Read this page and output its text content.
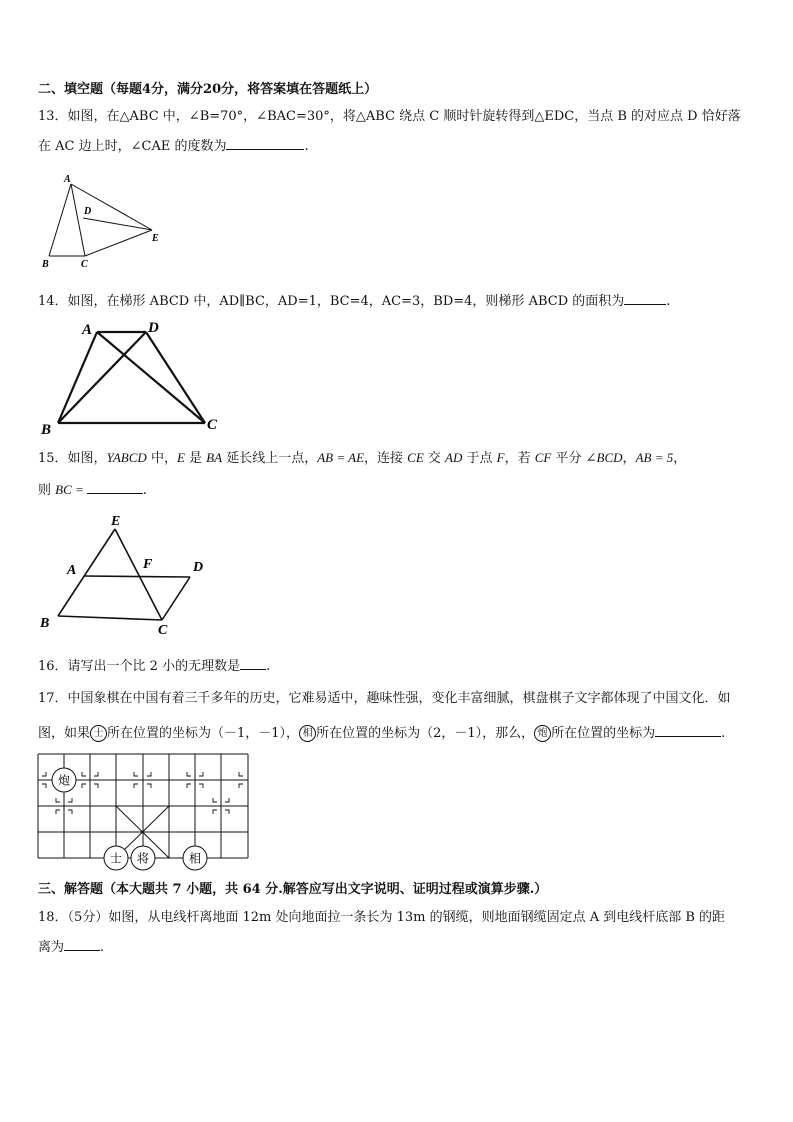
二、填空题（每题4分，满分20分，将答案填在答题纸上）
13．如图，在△ABC 中，∠B=70°，∠BAC=30°，将△ABC 绕点 C 顺时针旋转得到△EDC，当点 B 的对应点 D 恰好落
在 AC 边上时，∠CAE 的度数为	.
A
D
E
B	C
14．如图，在梯形 ABCD 中，AD∥BC，AD=1，BC=4，AC=3，BD=4，则梯形 ABCD 的面积为	.
A	D
B	C
15．如图，YABCD 中，E 是 BA 延长线上一点，AB = AE，连接 CE 交 AD 于点 F，若 CF 平分 ∠BCD，AB = 5，
则 BC =	.
E
F	D
A
B	C
16．请写出一个比 2 小的无理数是 .
17．中国象棋在中国有着三千多年的历史，它难易适中，趣味性强，变化丰富细腻，棋盘棋子文字都体现了中国文化．如
图，如果 士 所在位置的坐标为（－1，－1）， 相 所在位置的坐标为（2，－1），那么， 炮 所在位置的坐标为	.
炮
士 将	相
三、解答题（本大题共 7 小题，共 64 分.解答应写出文字说明、证明过程或演算步骤.）
18．（5分）如图，从电线杆离地面 12m 处向地面拉一条长为 13m 的钢缆，则地面钢缆固定点 A 到电线杆底部 B 的距
离为	.
